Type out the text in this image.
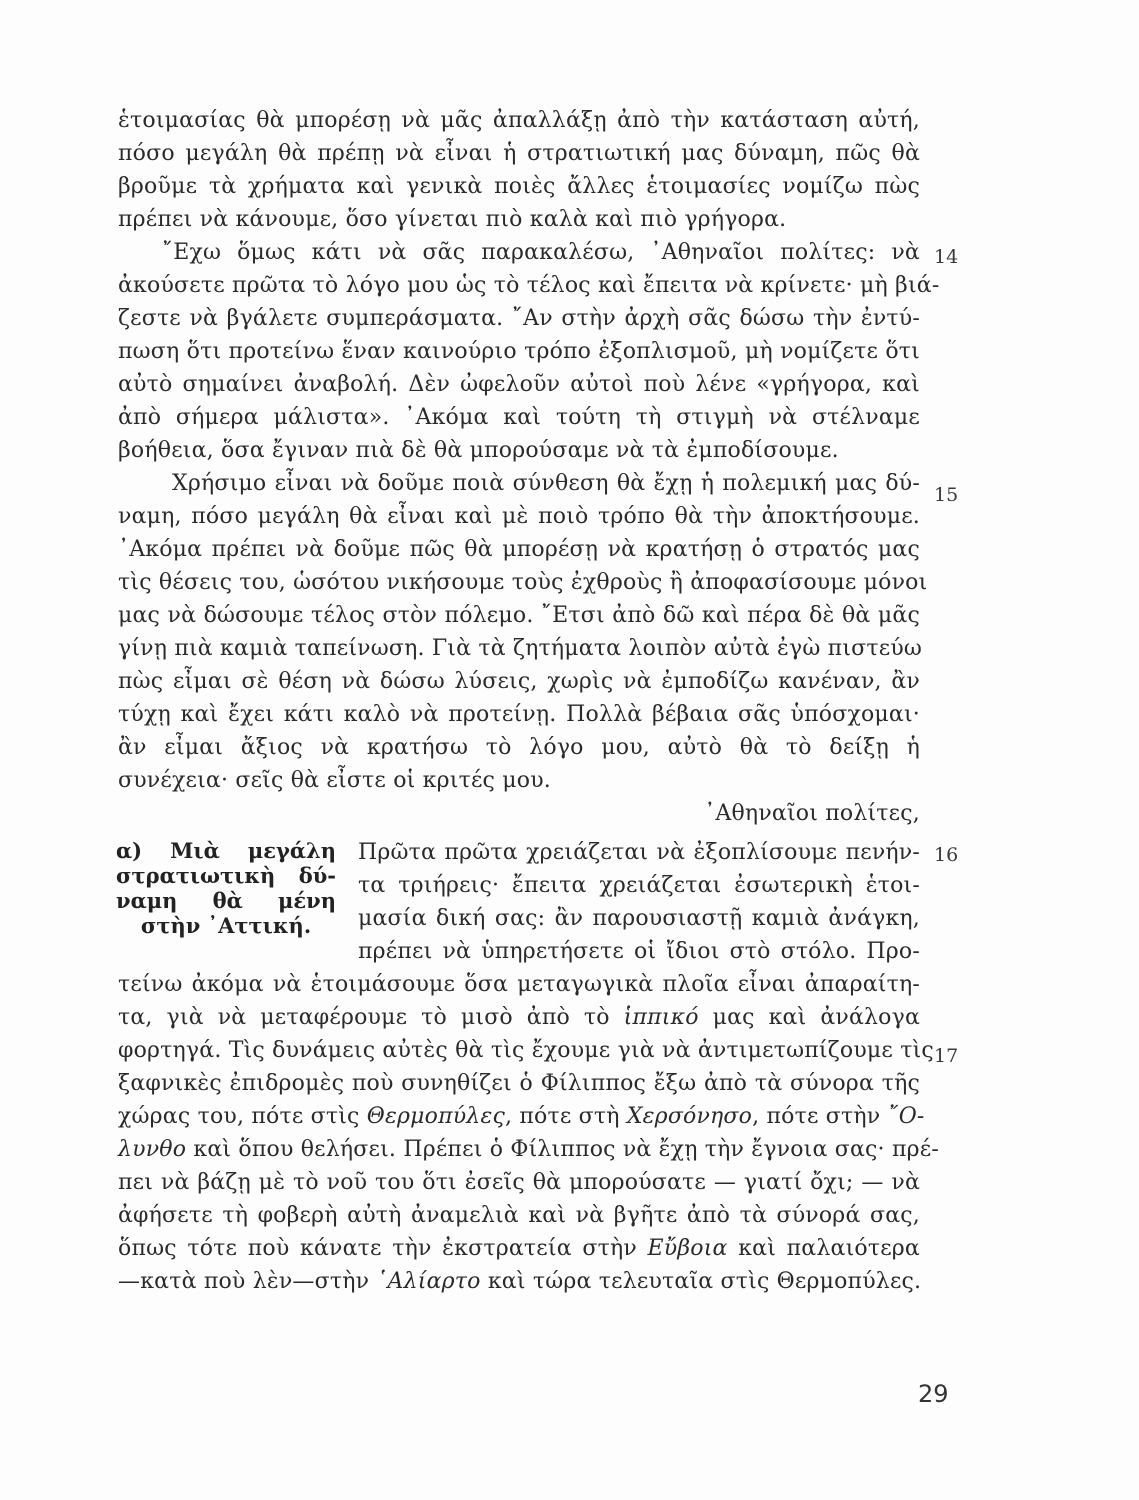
ἑτοιμασίας θὰ μπορέσῃ νὰ μᾶς ἀπαλλάξῃ ἀπὸ τὴν κατάσταση αὐτή,
πόσο μεγάλη θὰ πρέπῃ νὰ εἶναι ἡ στρατιωτική μας δύναμη, πῶς θὰ
βροῦμε τὰ χρήματα καὶ γενικὰ ποιὲς ἄλλες ἑτοιμασίες νομίζω πὼς
πρέπει νὰ κάνουμε, ὅσο γίνεται πιὸ καλὰ καὶ πιὸ γρήγορα.
῎Εχω ὅμως κάτι νὰ σᾶς παρακαλέσω, ᾿Αθηναῖοι πολίτες: νὰ 14
ἀκούσετε πρῶτα τὸ λόγο μου ὡς τὸ τέλος καὶ ἔπειτα νὰ κρίνετε· μὴ βιά-
ζεστε νὰ βγάλετε συμπεράσματα. ῎Αν στὴν ἀρχὴ σᾶς δώσω τὴν ἐντύ-
πωση ὅτι προτείνω ἕναν καινούριο τρόπο ἐξοπλισμοῦ, μὴ νομίζετε ὅτι
αὐτὸ σημαίνει ἀναβολή. Δὲν ὠφελοῦν αὐτοὶ ποὺ λένε «γρήγορα, καὶ
ἀπὸ σήμερα μάλιστα». ᾿Ακόμα καὶ τούτη τὴ στιγμὴ νὰ στέλναμε
βοήθεια, ὅσα ἔγιναν πιὰ δὲ θὰ μπορούσαμε νὰ τὰ ἐμποδίσουμε.
Χρήσιμο εἶναι νὰ δοῦμε ποιὰ σύνθεση θὰ ἔχῃ ἡ πολεμική μας δύ- 15
ναμη, πόσο μεγάλη θὰ εἶναι καὶ μὲ ποιὸ τρόπο θὰ τὴν ἀποκτήσουμε.
᾿Ακόμα πρέπει νὰ δοῦμε πῶς θὰ μπορέσῃ νὰ κρατήσῃ ὁ στρατός μας
τὶς θέσεις του, ὡσότου νικήσουμε τοὺς ἐχθροὺς ἢ ἀποφασίσουμε μόνοι
μας νὰ δώσουμε τέλος στὸν πόλεμο. ῎Ετσι ἀπὸ δῶ καὶ πέρα δὲ θὰ μᾶς
γίνῃ πιὰ καμιὰ ταπείνωση. Γιὰ τὰ ζητήματα λοιπὸν αὐτὰ ἐγὼ πιστεύω
πὼς εἶμαι σὲ θέση νὰ δώσω λύσεις, χωρὶς νὰ ἐμποδίζω κανέναν, ἂν
τύχῃ καὶ ἔχει κάτι καλὸ νὰ προτείνῃ. Πολλὰ βέβαια σᾶς ὑπόσχομαι·
ἂν εἶμαι ἄξιος νὰ κρατήσω τὸ λόγο μου, αὐτὸ θὰ τὸ δείξῃ ἡ
συνέχεια· σεῖς θὰ εἶστε οἱ κριτές μου.
᾿Αθηναῖοι πολίτες,
α) Μιὰ μεγάλη
στρατιωτικὴ δύ-
ναμη θὰ μένη
στὴν ᾿Αττική.
Πρῶτα πρῶτα χρειάζεται νὰ ἐξοπλίσουμε πενήν- 16
τα τριήρεις· ἔπειτα χρειάζεται ἐσωτερικὴ ἑτοι-
μασία δική σας: ἂν παρουσιαστῇ καμιὰ ἀνάγκη,
πρέπει νὰ ὑπηρετήσετε οἱ ἴδιοι στὸ στόλο. Προ-
τείνω ἀκόμα νὰ ἑτοιμάσουμε ὅσα μεταγωγικὰ πλοῖα εἶναι ἀπαραίτη-
τα, γιὰ νὰ μεταφέρουμε τὸ μισὸ ἀπὸ τὸ ἱππικό μας καὶ ἀνάλογα
φορτηγά. Τὶς δυνάμεις αὐτὲς θὰ τὶς ἔχουμε γιὰ νὰ ἀντιμετωπίζουμε τὶς 17
ξαφνικὲς ἐπιδρομὲς ποὺ συνηθίζει ὁ Φίλιππος ἔξω ἀπὸ τὰ σύνορα τῆς
χώρας του, πότε στὶς Θερμοπύλες, πότε στὴ Χερσόνησο, πότε στὴν ῎Ο-
λυνθο καὶ ὅπου θελήσει. Πρέπει ὁ Φίλιππος νὰ ἔχῃ τὴν ἔγνοια σας· πρέ-
πει νὰ βάζῃ μὲ τὸ νοῦ του ὅτι ἐσεῖς θὰ μπορούσατε — γιατί ὄχι; — νὰ
ἀφήσετε τὴ φοβερὴ αὐτὴ ἀναμελιὰ καὶ νὰ βγῆτε ἀπὸ τὰ σύνορά σας,
ὅπως τότε ποὺ κάνατε τὴν ἐκστρατεία στὴν Εὔβοια καὶ παλαιότερα
—κατὰ ποὺ λὲν—στὴν ῾Αλίαρτο καὶ τώρα τελευταῖα στὶς Θερμοπύλες.
29
